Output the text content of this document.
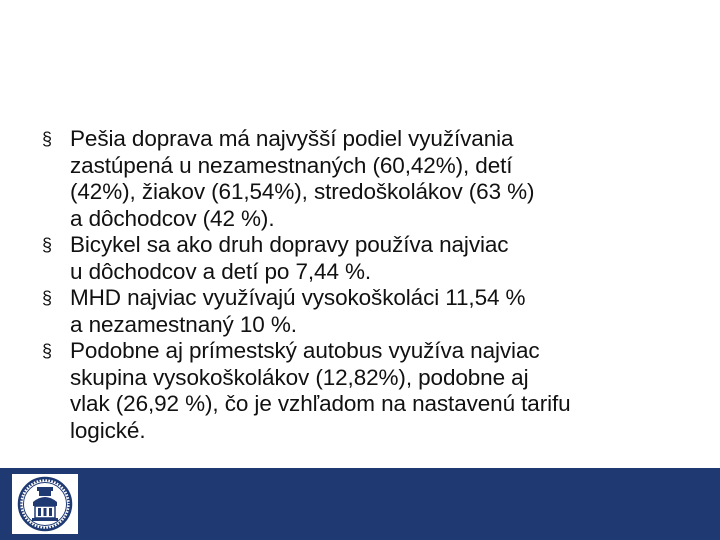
§ Pešia doprava má najvyšší podiel využívania
zastúpená u nezamestnaných (60,42%), detí
(42%), žiakov (61,54%), stredoškolákov (63 %)
a dôchodcov (42 %).
§ Bicykel sa ako druh dopravy používa najviac
u dôchodcov a detí po 7,44 %.
§ MHD najviac využívajú vysokoškoláci 11,54 %
a nezamestnaný 10 %.
§ Podobne aj prímestský autobus využíva najviac
skupina vysokoškolákov (12,82%), podobne aj
vlak (26,92 %), čo je vzhľadom na nastavenú tarifu
logické.
